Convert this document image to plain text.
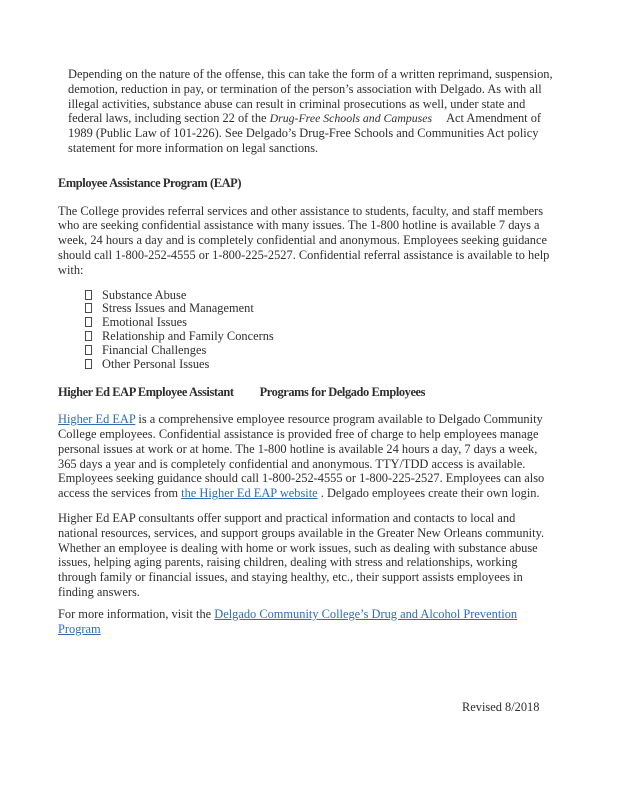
Depending on the nature of the offense, this can take the form of a written reprimand, suspension, demotion, reduction in pay, or termination of the person’s association with Delgado. As with all illegal activities, substance abuse can result in criminal prosecutions as well, under state and federal laws, including section 22 of the Drug-Free Schools and Campuses Act Amendment of 1989 (Public Law of 101-226). See Delgado’s Drug-Free Schools and Communities Act policy statement for more information on legal sanctions.

Employee Assistance Program (EAP)

The College provides referral services and other assistance to students, faculty, and staff members who are seeking confidential assistance with many issues. The 1-800 hotline is available 7 days a week, 24 hours a day and is completely confidential and anonymous. Employees seeking guidance should call 1-800-252-4555 or 1-800-225-2527. Confidential referral assistance is available to help with:

Substance Abuse
Stress Issues and Management
Emotional Issues
Relationship and Family Concerns
Financial Challenges
Other Personal Issues

Higher Ed EAP Employee Assistant Programs for Delgado Employees

Higher Ed EAP is a comprehensive employee resource program available to Delgado Community College employees. Confidential assistance is provided free of charge to help employees manage personal issues at work or at home. The 1-800 hotline is available 24 hours a day, 7 days a week, 365 days a year and is completely confidential and anonymous. TTY/TDD access is available. Employees seeking guidance should call 1-800-252-4555 or 1-800-225-2527. Employees can also access the services from the Higher Ed EAP website . Delgado employees create their own login.

Higher Ed EAP consultants offer support and practical information and contacts to local and national resources, services, and support groups available in the Greater New Orleans community. Whether an employee is dealing with home or work issues, such as dealing with substance abuse issues, helping aging parents, raising children, dealing with stress and relationships, working through family or financial issues, and staying healthy, etc., their support assists employees in finding answers.

For more information, visit the Delgado Community College’s Drug and Alcohol Prevention Program

Revised 8/2018
